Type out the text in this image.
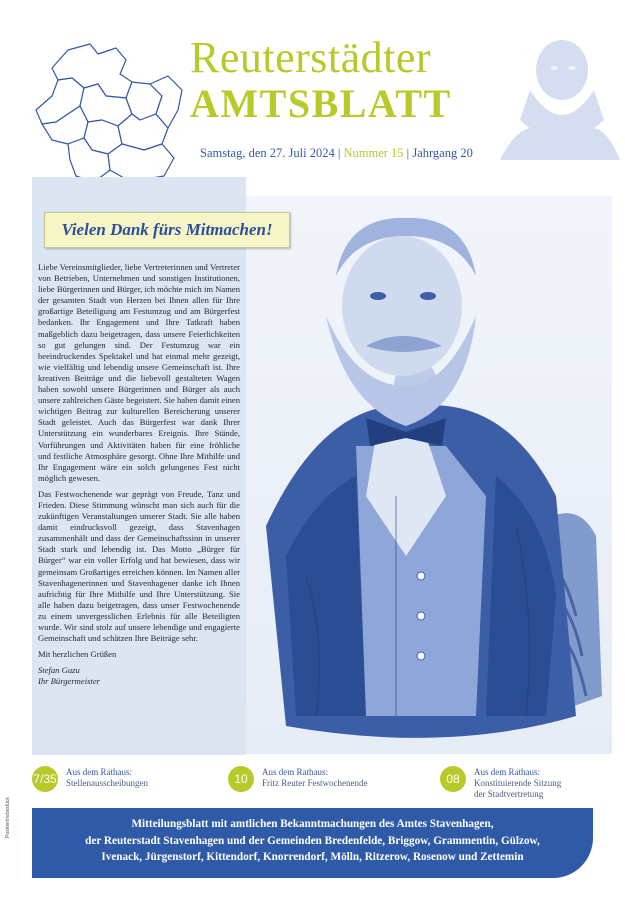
Reuterstädter
AMTSBLATT
Samstag, den 27. Juli 2024 | Nummer 15 | Jahrgang 20
Vielen Dank fürs Mitmachen!

Liebe Vereinsmitglieder, liebe Vertreterinnen und Vertreter von Betrieben, Unternehmen und sonstigen Institutionen, liebe Bürgerinnen und Bürger, ich möchte mich im Namen der gesamten Stadt von Herzen bei Ihnen allen für Ihre großartige Beteiligung am Festumzug und am Bürgerfest bedanken. Ihr Engagement und Ihre Tatkraft haben maßgeblich dazu beigetragen, dass unsere Feierlichkeiten so gut gelungen sind. Der Festumzug war ein beeindruckendes Spektakel und hat einmal mehr gezeigt, wie vielfältig und lebendig unsere Gemeinschaft ist. Ihre kreativen Beiträge und die liebevoll gestalteten Wagen haben sowohl unsere Bürgerinnen und Bürger als auch unsere zahlreichen Gäste begeistert. Sie haben damit einen wichtigen Beitrag zur kulturellen Bereicherung unserer Stadt geleistet. Auch das Bürgerfest war dank Ihrer Unterstützung ein wunderbares Ereignis. Ihre Stände, Vorführungen und Aktivitäten haben für eine fröhliche und festliche Atmosphäre gesorgt. Ohne Ihre Mithilfe und Ihr Engagement wäre ein solch gelungenes Fest nicht möglich gewesen.

Das Festwochenende war geprägt von Freude, Tanz und Frieden. Diese Stimmung wünscht man sich auch für die zukünftigen Veranstaltungen unserer Stadt. Sie alle haben damit eindrucksvoll gezeigt, dass Stavenhagen zusammenhält und dass der Gemeinschaftssinn in unserer Stadt stark und lebendig ist. Das Motto „Bürger für Bürger“ war ein voller Erfolg und hat bewiesen, dass wir gemeinsam Großartiges erreichen können. Im Namen aller Stavenhagenerinnen und Stavenhagener danke ich Ihnen aufrichtig für Ihre Mithilfe und Ihre Unterstützung. Sie alle haben dazu beigetragen, dass unser Festwochenende zu einem unvergesslichen Erlebnis für alle Beteiligten wurde. Wir sind stolz auf unsere lebendige und engagierte Gemeinschaft und schätzen Ihre Beiträge sehr.

Mit herzlichen Grüßen

Stefan Guzu
Ihr Bürgermeister
7/35 Aus dem Rathaus:
Stellenausscheibungen	10	Aus dem Rathaus:
Fritz Reuter Festwochenende	08	Aus dem Rathaus:
Konstituierende Sitzung
der Stadtvertretung
Mitteilungsblatt mit amtlichen Bekanntmachungen des Amtes Stavenhagen,
der Reuterstadt Stavenhagen und der Gemeinden Bredenfelde, Briggow, Grammentin, Gülzow,
Ivenack, Jürgenstorf, Kittendorf, Knorrendorf, Mölln, Ritzerow, Rosenow und Zettemin
Postvertriebsstück
